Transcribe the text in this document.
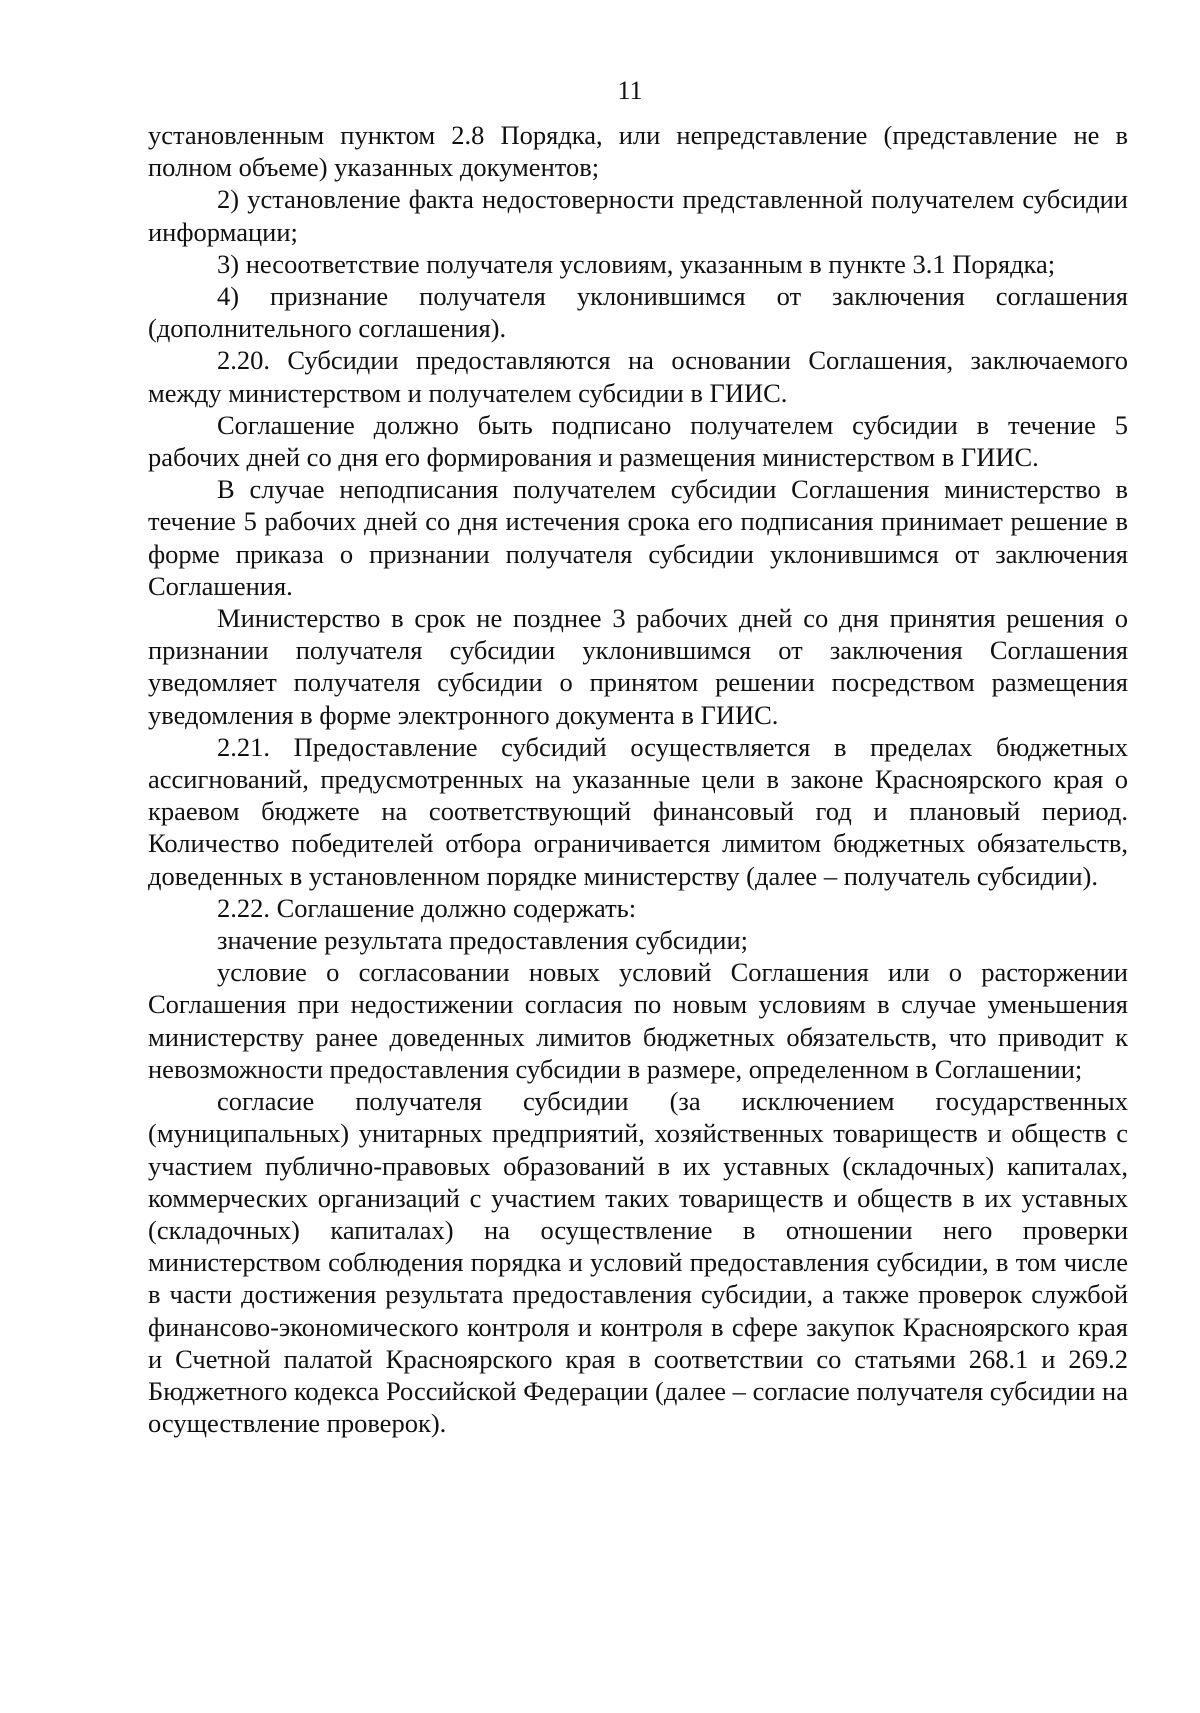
11

установленным пунктом 2.8 Порядка, или непредставление (представление не в полном объеме) указанных документов;

2) установление факта недостоверности представленной получателем субсидии информации;

3) несоответствие получателя условиям, указанным в пункте 3.1 Порядка;

4) признание получателя уклонившимся от заключения соглашения (дополнительного соглашения).

2.20. Субсидии предоставляются на основании Соглашения, заключаемого между министерством и получателем субсидии в ГИИС.

Соглашение должно быть подписано получателем субсидии в течение 5 рабочих дней со дня его формирования и размещения министерством в ГИИС.

В случае неподписания получателем субсидии Соглашения министерство в течение 5 рабочих дней со дня истечения срока его подписания принимает решение в форме приказа о признании получателя субсидии уклонившимся от заключения Соглашения.

Министерство в срок не позднее 3 рабочих дней со дня принятия решения о признании получателя субсидии уклонившимся от заключения Соглашения уведомляет получателя субсидии о принятом решении посредством размещения уведомления в форме электронного документа в ГИИС.

2.21. Предоставление субсидий осуществляется в пределах бюджетных ассигнований, предусмотренных на указанные цели в законе Красноярского края о краевом бюджете на соответствующий финансовый год и плановый период. Количество победителей отбора ограничивается лимитом бюджетных обязательств, доведенных в установленном порядке министерству (далее – получатель субсидии).

2.22. Соглашение должно содержать:

значение результата предоставления субсидии;

условие о согласовании новых условий Соглашения или о расторжении Соглашения при недостижении согласия по новым условиям в случае уменьшения министерству ранее доведенных лимитов бюджетных обязательств, что приводит к невозможности предоставления субсидии в размере, определенном в Соглашении;

согласие получателя субсидии (за исключением государственных (муниципальных) унитарных предприятий, хозяйственных товариществ и обществ с участием публично-правовых образований в их уставных (складочных) капиталах, коммерческих организаций с участием таких товариществ и обществ в их уставных (складочных) капиталах) на осуществление в отношении него проверки министерством соблюдения порядка и условий предоставления субсидии, в том числе в части достижения результата предоставления субсидии, а также проверок службой финансово-экономического контроля и контроля в сфере закупок Красноярского края и Счетной палатой Красноярского края в соответствии со статьями 268.1 и 269.2 Бюджетного кодекса Российской Федерации (далее – согласие получателя субсидии на осуществление проверок).
